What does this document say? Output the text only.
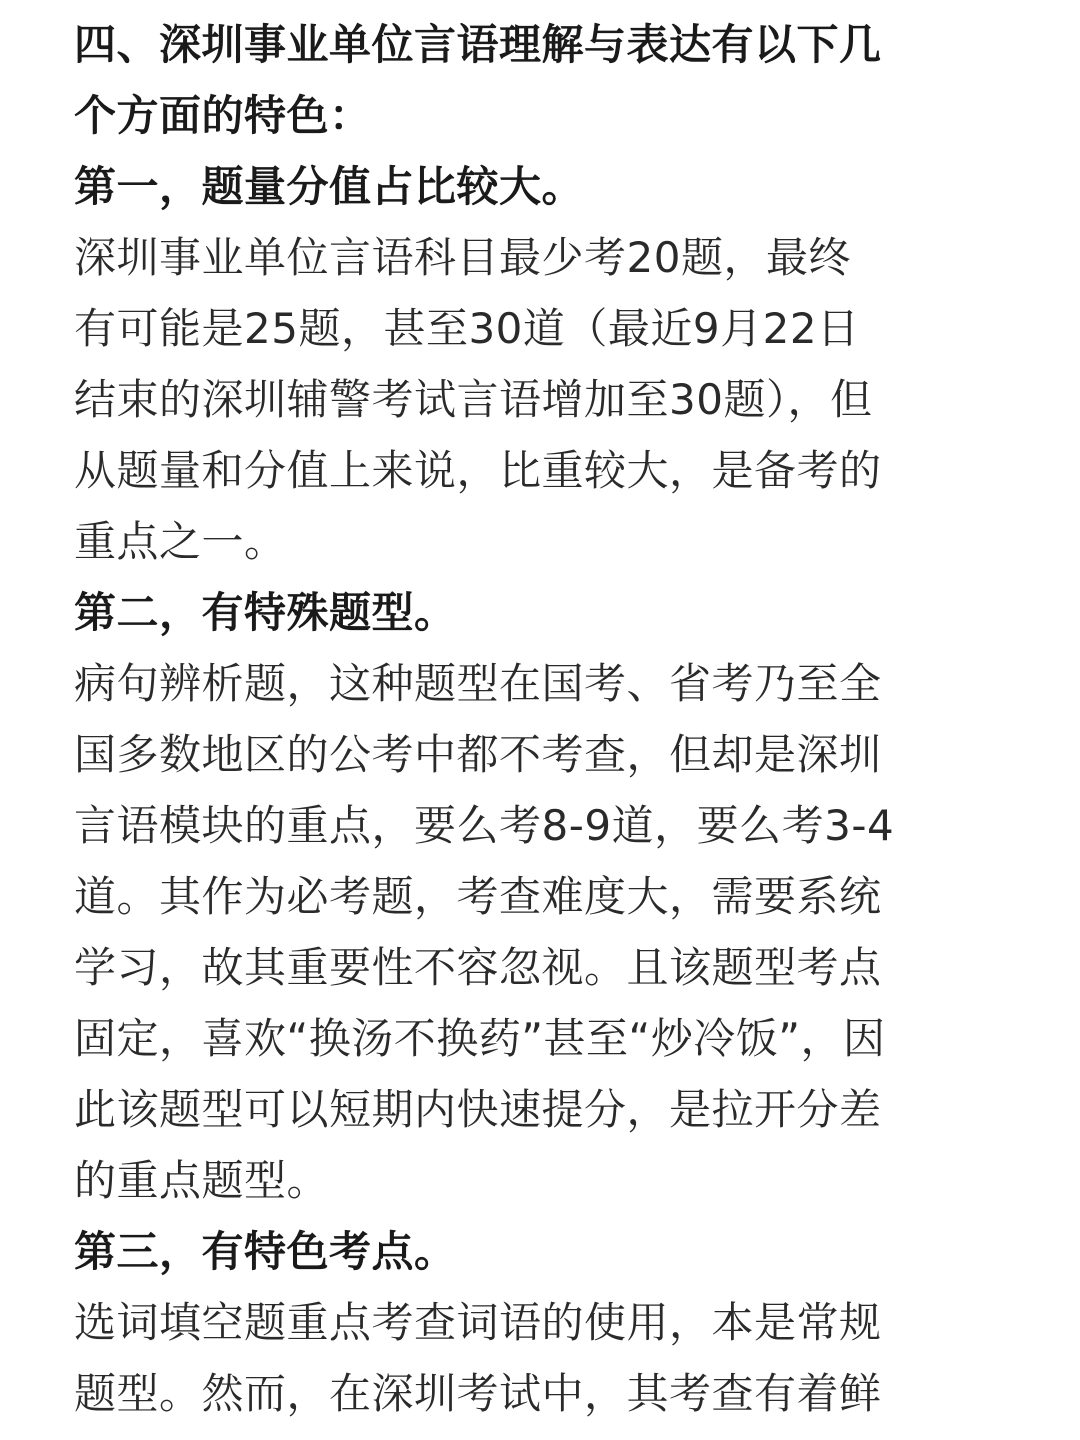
四、深圳事业单位言语理解与表达有以下几
个方面的特色：
第一，题量分值占比较大。
深圳事业单位言语科目最少考20题，最终
有可能是25题，甚至30道（最近9月22日
结束的深圳辅警考试言语增加至30题），但
从题量和分值上来说，比重较大，是备考的
重点之一。
第二，有特殊题型。
病句辨析题，这种题型在国考、省考乃至全
国多数地区的公考中都不考查，但却是深圳
言语模块的重点，要么考8-9道，要么考3-4
道。其作为必考题，考查难度大，需要系统
学习，故其重要性不容忽视。且该题型考点
固定，喜欢“换汤不换药”甚至“炒冷饭”，因
此该题型可以短期内快速提分，是拉开分差
的重点题型。
第三，有特色考点。
选词填空题重点考查词语的使用，本是常规
题型。然而，在深圳考试中，其考查有着鲜
